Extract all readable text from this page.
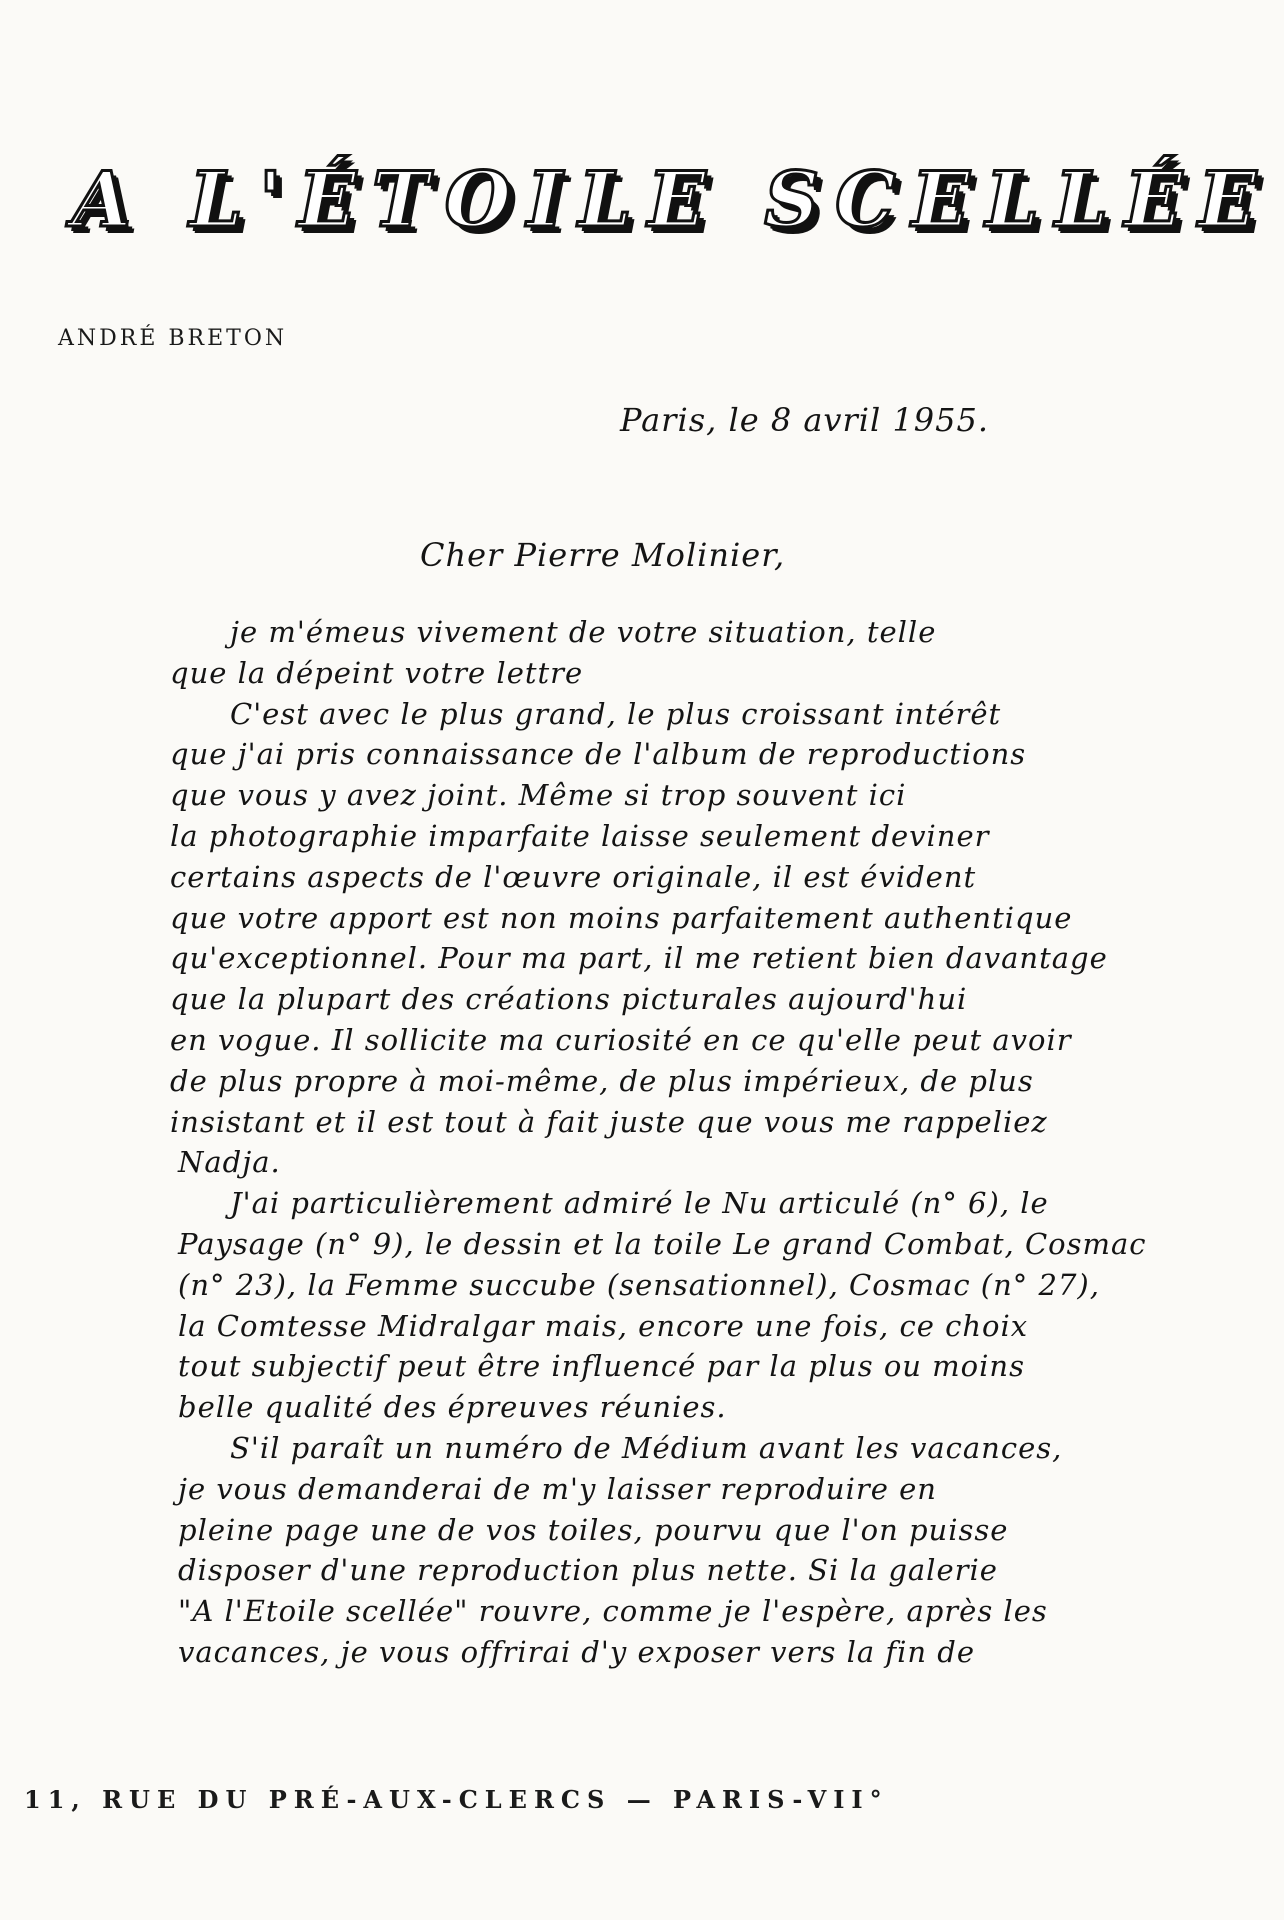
A L'ÉTOILE SCELLÉE
ANDRÉ BRETON
Paris, le 8 avril 1955.
Cher Pierre Molinier,
je m'émeus vivement de votre situation, telle
que la dépeint votre lettre
C'est avec le plus grand, le plus croissant intérêt
que j'ai pris connaissance de l'album de reproductions
que vous y avez joint. Même si trop souvent ici
la photographie imparfaite laisse seulement deviner
certains aspects de l'œuvre originale, il est évident
que votre apport est non moins parfaitement authentique
qu'exceptionnel. Pour ma part, il me retient bien davantage
que la plupart des créations picturales aujourd'hui
en vogue. Il sollicite ma curiosité en ce qu'elle peut avoir
de plus propre à moi-même, de plus impérieux, de plus
insistant et il est tout à fait juste que vous me rappeliez
Nadja.
J'ai particulièrement admiré le Nu articulé (n° 6), le
Paysage (n° 9), le dessin et la toile Le grand Combat, Cosmac
(n° 23), la Femme succube (sensationnel), Cosmac (n° 27),
la Comtesse Midralgar mais, encore une fois, ce choix
tout subjectif peut être influencé par la plus ou moins
belle qualité des épreuves réunies.
S'il paraît un numéro de Médium avant les vacances,
je vous demanderai de m'y laisser reproduire en
pleine page une de vos toiles, pourvu que l'on puisse
disposer d'une reproduction plus nette. Si la galerie
"A l'Etoile scellée" rouvre, comme je l'espère, après les
vacances, je vous offrirai d'y exposer vers la fin de
11, RUE DU PRÉ-AUX-CLERCS — PARIS-VII°
